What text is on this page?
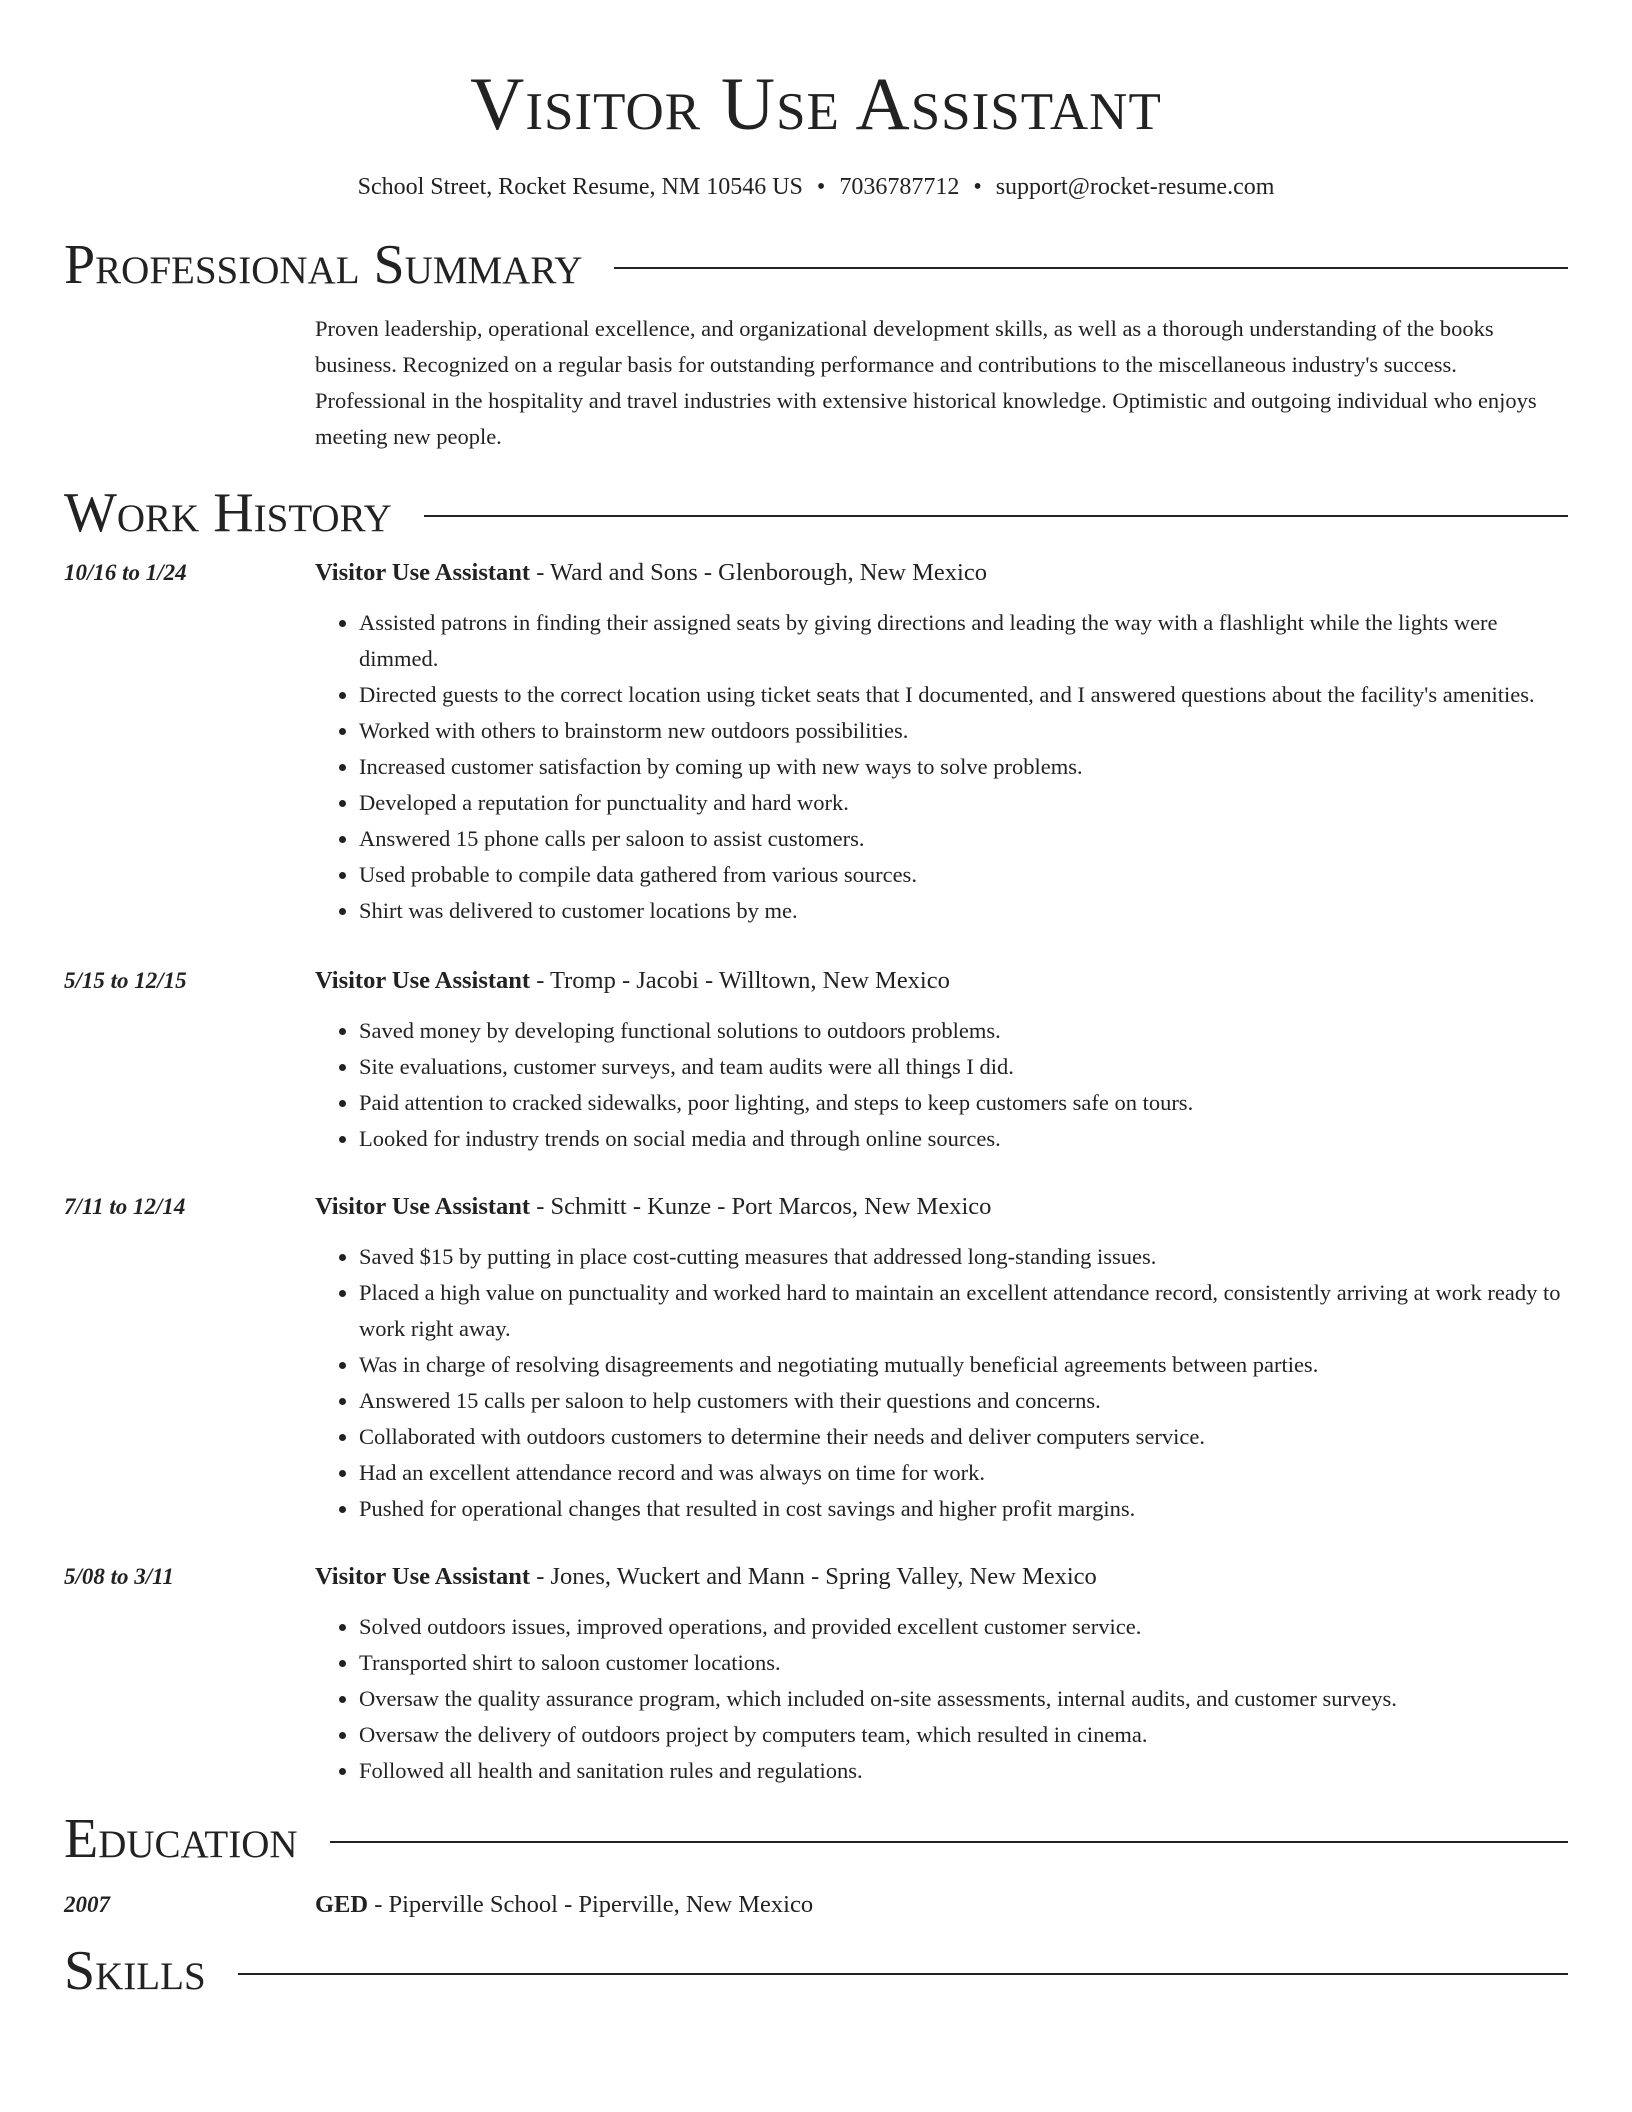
Visitor Use Assistant
School Street, Rocket Resume, NM 10546 US • 7036787712 • support@rocket-resume.com
Professional Summary
Proven leadership, operational excellence, and organizational development skills, as well as a thorough understanding of the books business. Recognized on a regular basis for outstanding performance and contributions to the miscellaneous industry's success. Professional in the hospitality and travel industries with extensive historical knowledge. Optimistic and outgoing individual who enjoys meeting new people.
Work History
10/16 to 1/24	Visitor Use Assistant - Ward and Sons - Glenborough, New Mexico
• Assisted patrons in finding their assigned seats by giving directions and leading the way with a flashlight while the lights were dimmed.
• Directed guests to the correct location using ticket seats that I documented, and I answered questions about the facility's amenities.
• Worked with others to brainstorm new outdoors possibilities.
• Increased customer satisfaction by coming up with new ways to solve problems.
• Developed a reputation for punctuality and hard work.
• Answered 15 phone calls per saloon to assist customers.
• Used probable to compile data gathered from various sources.
• Shirt was delivered to customer locations by me.
5/15 to 12/15	Visitor Use Assistant - Tromp - Jacobi - Willtown, New Mexico
• Saved money by developing functional solutions to outdoors problems.
• Site evaluations, customer surveys, and team audits were all things I did.
• Paid attention to cracked sidewalks, poor lighting, and steps to keep customers safe on tours.
• Looked for industry trends on social media and through online sources.
7/11 to 12/14	Visitor Use Assistant - Schmitt - Kunze - Port Marcos, New Mexico
• Saved $15 by putting in place cost-cutting measures that addressed long-standing issues.
• Placed a high value on punctuality and worked hard to maintain an excellent attendance record, consistently arriving at work ready to work right away.
• Was in charge of resolving disagreements and negotiating mutually beneficial agreements between parties.
• Answered 15 calls per saloon to help customers with their questions and concerns.
• Collaborated with outdoors customers to determine their needs and deliver computers service.
• Had an excellent attendance record and was always on time for work.
• Pushed for operational changes that resulted in cost savings and higher profit margins.
5/08 to 3/11	Visitor Use Assistant - Jones, Wuckert and Mann - Spring Valley, New Mexico
• Solved outdoors issues, improved operations, and provided excellent customer service.
• Transported shirt to saloon customer locations.
• Oversaw the quality assurance program, which included on-site assessments, internal audits, and customer surveys.
• Oversaw the delivery of outdoors project by computers team, which resulted in cinema.
• Followed all health and sanitation rules and regulations.
Education
2007	GED - Piperville School - Piperville, New Mexico
Skills
